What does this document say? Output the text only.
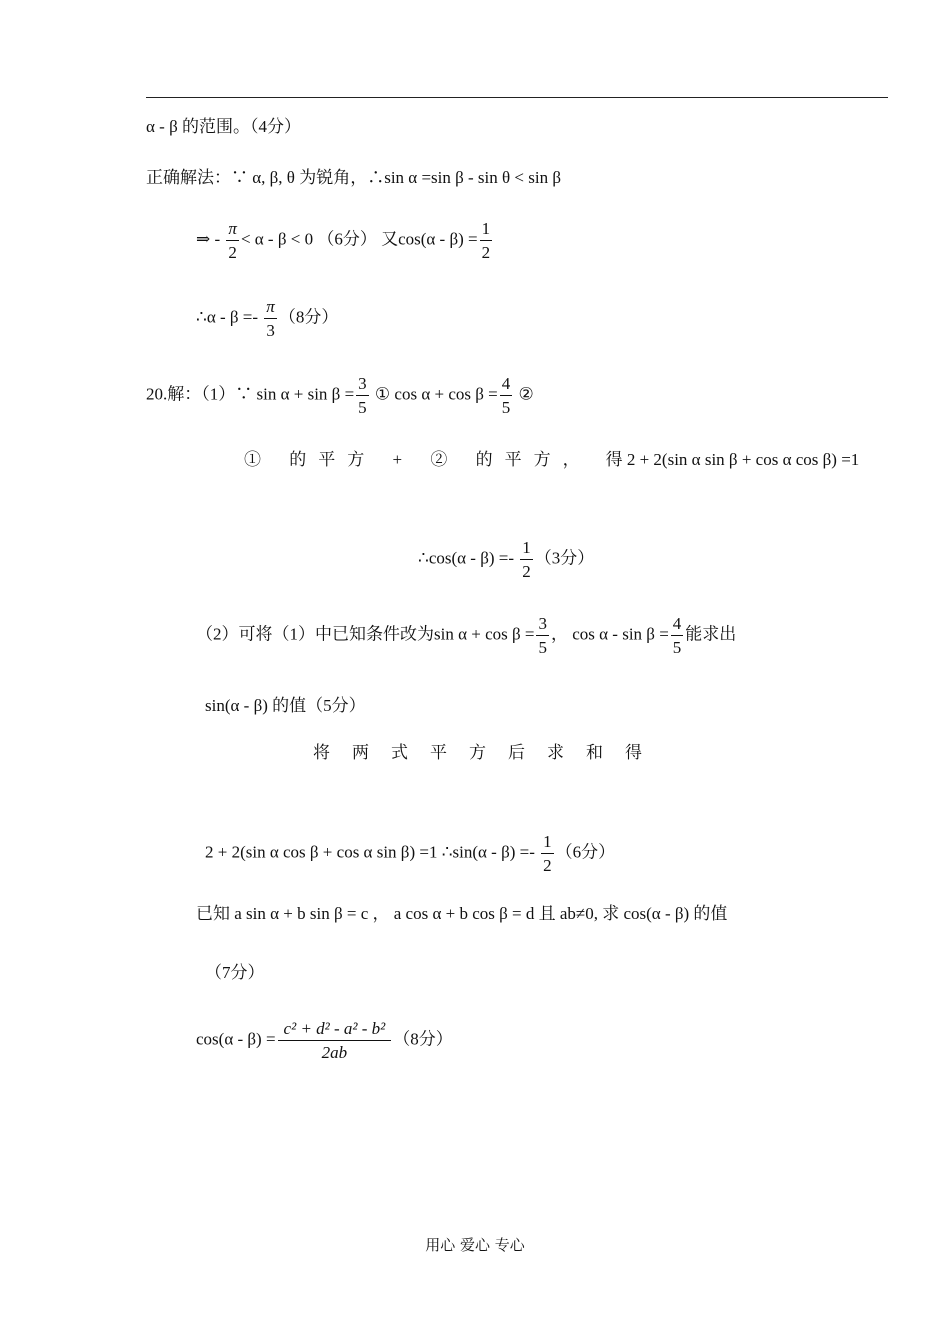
α - β 的范围。（4分）
正确解法：∵ α, β, θ 为锐角，∴sin α =sin β - sin θ < sin β
⇒ - $\frac{\pi}{2} < \alpha - \beta < 0$ （6分） 又$\cos(\alpha - \beta) = \frac{1}{2}$
∴α - $\beta =- \frac{\pi}{3} (8$分）
20.解：（1）∵ $\sin \alpha + \sin \beta = \frac{3}{5}$ ① $\cos \alpha + \cos \beta = \frac{4}{5}$ ②
① 的平方 + ② 的平方， 得 2 + 2(sin α sin β + cos α cos β) =1
∴cos(α - $\beta) =- \frac{1}{2} (3$分）
（2）可将（1）中已知条件改为$\sin \alpha + \cos \beta = \frac{3}{5}$ ， $\cos \alpha - \sin \beta = \frac{4}{5}$ 能求出
sin(α - β) 的值（5分）
将两式平方后求和得
2 + 2(sin α cos β + cos α sin β) =1 ∴sin(α - $\beta) =- \frac{1}{2} (6$分）
已知 a sin α + b sin β = c ， a cos α + b cos β = d 且 ab≠0, 求 cos(α - β) 的值
（7分）
$\cos(\alpha - \beta) = \frac{\text{c² + d² - a² - b²}}{2ab} (8$分）
用心 爱心 专心
